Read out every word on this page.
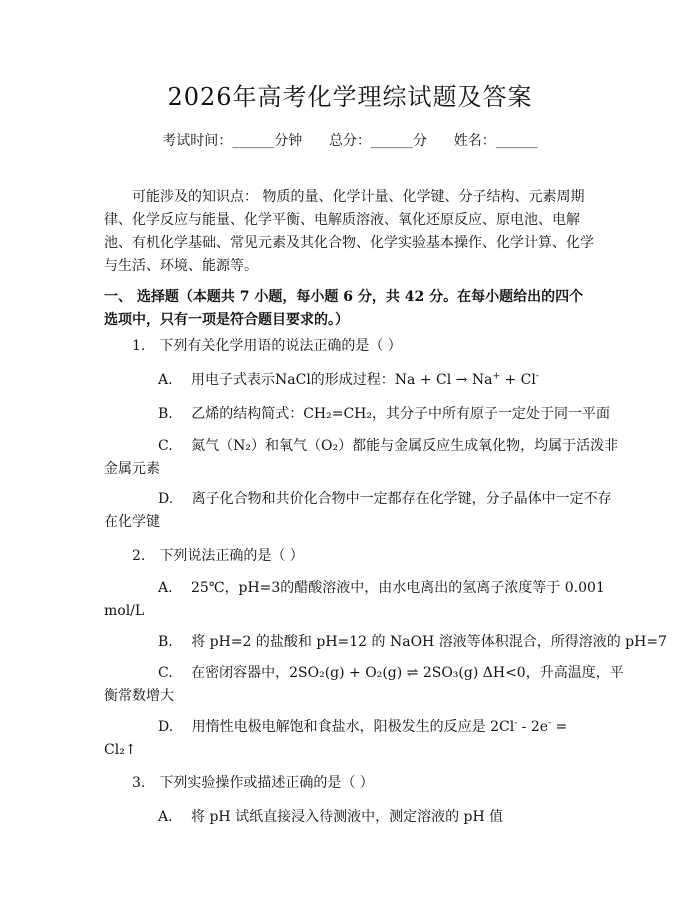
2026年高考化学理综试题及答案
考试时间：______分钟 总分：______分 姓名：______
可能涉及的知识点： 物质的量、化学计量、化学键、分子结构、元素周期律、化学反应与能量、化学平衡、电解质溶液、氧化还原反应、原电池、电解池、有机化学基础、常见元素及其化合物、化学实验基本操作、化学计算、化学与生活、环境、能源等。
一、 选择题（本题共 7 小题，每小题 6 分，共 42 分。在每小题给出的四个选项中，只有一项是符合题目要求的。）
1.　下列有关化学用语的说法正确的是（ ）
A.　 用电子式表示NaCl的形成过程：Na + Cl → Na+ + Cl-
B.　 乙烯的结构简式：CH₂=CH₂，其分子中所有原子一定处于同一平面
C.　 氮气（N₂）和氧气（O₂）都能与金属反应生成氧化物，均属于活泼非
金属元素
D.　 离子化合物和共价化合物中一定都存在化学键，分子晶体中一定不存
在化学键
2.　下列说法正确的是（ ）
A.　 25℃，pH=3的醋酸溶液中，由水电离出的氢离子浓度等于 0.001
mol/L
B.　 将 pH=2 的盐酸和 pH=12 的 NaOH 溶液等体积混合，所得溶液的 pH=7
C.　 在密闭容器中，2SO₂(g) + O₂(g) ⇌ 2SO₃(g) ΔH<0，升高温度，平
衡常数增大
D.　 用惰性电极电解饱和食盐水，阳极发生的反应是 2Cl- - 2e- =
Cl₂↑
3.　下列实验操作或描述正确的是（ ）
A.　 将 pH 试纸直接浸入待测液中，测定溶液的 pH 值
